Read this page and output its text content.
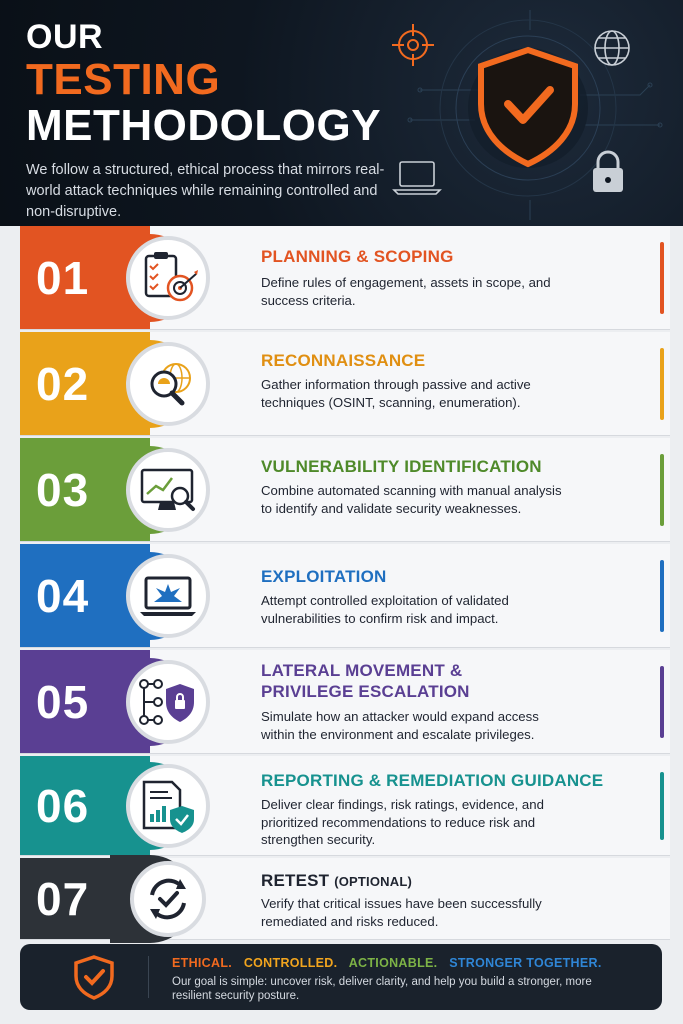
OUR
TESTING
METHODOLOGY
We follow a structured, ethical process that mirrors real-world attack techniques while remaining controlled and non-disruptive.
01	PLANNING & SCOPING
Define rules of engagement, assets in scope, and success criteria.
02	RECONNAISSANCE
Gather information through passive and active techniques (OSINT, scanning, enumeration).
03	VULNERABILITY IDENTIFICATION
Combine automated scanning with manual analysis to identify and validate security weaknesses.
04	EXPLOITATION
Attempt controlled exploitation of validated vulnerabilities to confirm risk and impact.
05
LATERAL MOVEMENT &
PRIVILEGE ESCALATION
Simulate how an attacker would expand access within the environment and escalate privileges.
06	REPORTING & REMEDIATION GUIDANCE
Deliver clear findings, risk ratings, evidence, and prioritized recommendations to reduce risk and strengthen security.
07	RETEST (OPTIONAL)
Verify that critical issues have been successfully remediated and risks reduced.
ETHICAL. CONTROLLED. ACTIONABLE. STRONGER TOGETHER.
Our goal is simple: uncover risk, deliver clarity, and help you build a stronger, more resilient security posture.
